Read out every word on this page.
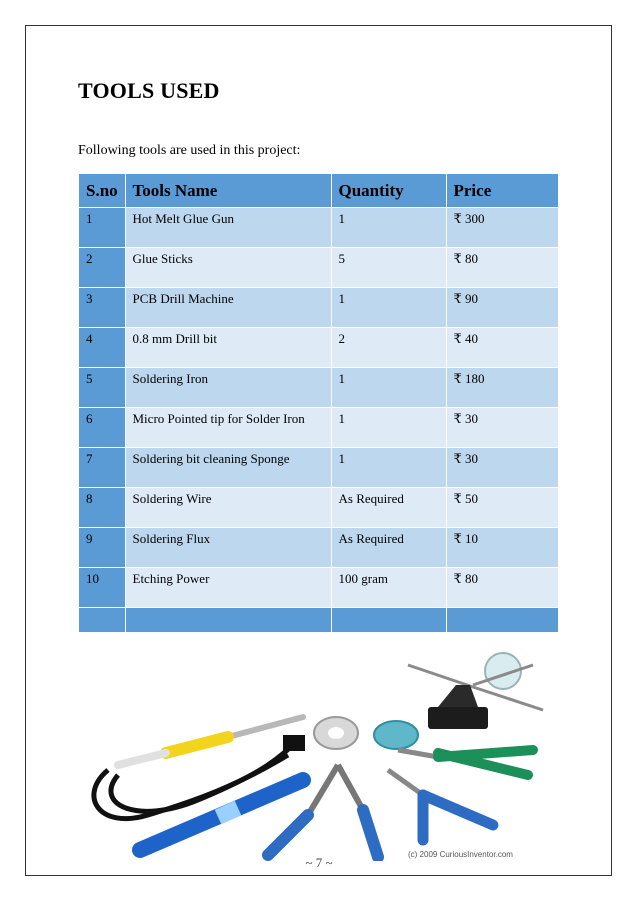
TOOLS USED

Following tools are used in this project:

S.no	Tools Name	Quantity	Price

1	Hot Melt Glue Gun	1	₹ 300

2	Glue Sticks	5	₹ 80

3	PCB Drill Machine	1	₹ 90

4	0.8 mm Drill bit	2	₹ 40

5	Soldering Iron	1	₹ 180

6	Micro Pointed tip for Solder Iron	1	₹ 30

7	Soldering bit cleaning Sponge	1	₹ 30

8	Soldering Wire	As Required	₹ 50

9	Soldering Flux	As Required	₹ 10

10	Etching Power	100 gram	₹ 80

(c) 2009 CuriousInventor.com
~ 7 ~
